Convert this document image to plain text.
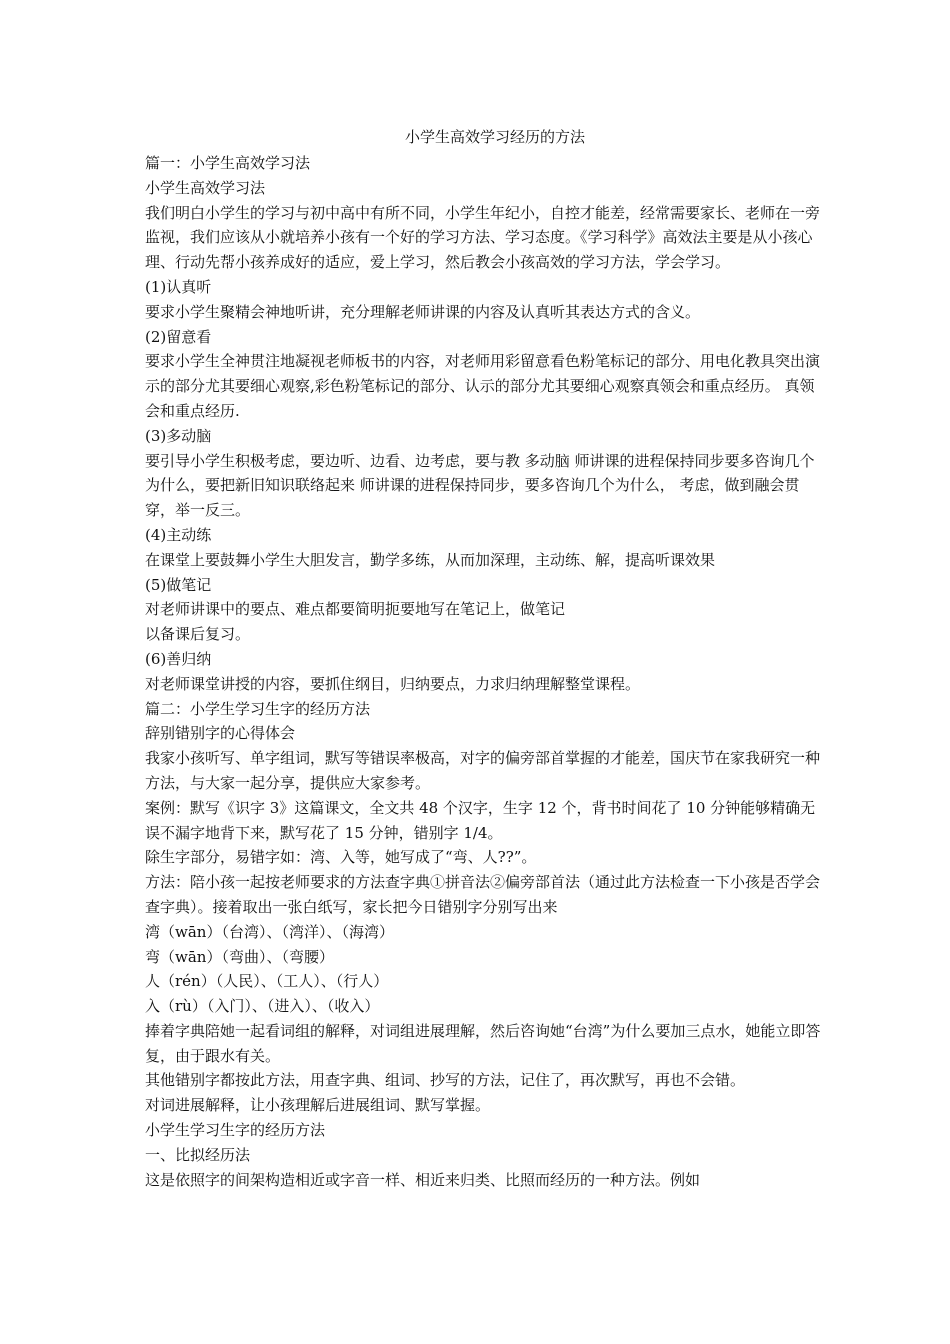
小学生高效学习经历的方法

篇一：小学生高效学习法

小学生高效学习法

我们明白小学生的学习与初中高中有所不同，小学生年纪小，自控才能差，经常需要家长、老师在一旁监视，我们应该从小就培养小孩有一个好的学习方法、学习态度。《学习科学》高效法主要是从小孩心理、行动先帮小孩养成好的适应，爱上学习，然后教会小孩高效的学习方法，学会学习。

(1)认真听

要求小学生聚精会神地听讲，充分理解老师讲课的内容及认真听其表达方式的含义。

(2)留意看

要求小学生全神贯注地凝视老师板书的内容，对老师用彩留意看色粉笔标记的部分、用电化教具突出演示的部分尤其要细心观察,彩色粉笔标记的部分、认示的部分尤其要细心观察真领会和重点经历。 真领会和重点经历.

(3)多动脑

要引导小学生积极考虑，要边听、边看、边考虑，要与教 多动脑 师讲课的进程保持同步要多咨询几个为什么，要把新旧知识联络起来 师讲课的进程保持同步，要多咨询几个为什么， 考虑，做到融会贯穿，举一反三。

(4)主动练

在课堂上要鼓舞小学生大胆发言，勤学多练，从而加深理，主动练、解，提高听课效果

(5)做笔记

对老师讲课中的要点、难点都要简明扼要地写在笔记上，做笔记

以备课后复习。

(6)善归纳

对老师课堂讲授的内容，要抓住纲目，归纳要点，力求归纳理解整堂课程。

篇二：小学生学习生字的经历方法

辞别错别字的心得体会

我家小孩听写、单字组词，默写等错误率极高，对字的偏旁部首掌握的才能差，国庆节在家我研究一种方法，与大家一起分享，提供应大家参考。

案例：默写《识字 3》这篇课文，全文共 48 个汉字，生字 12 个，背书时间花了 10 分钟能够精确无误不漏字地背下来，默写花了 15 分钟，错别字 1/4。

除生字部分，易错字如：湾、入等，她写成了“弯、人??”。

方法：陪小孩一起按老师要求的方法查字典①拼音法②偏旁部首法（通过此方法检查一下小孩是否学会查字典）。接着取出一张白纸写，家长把今日错别字分别写出来

湾（wān）（台湾）、（湾洋）、（海湾）

弯（wān）（弯曲）、（弯腰）

人（rén）（人民）、（工人）、（行人）

入（rù）（入门）、（进入）、（收入）

捧着字典陪她一起看词组的解释，对词组进展理解，然后咨询她“台湾”为什么要加三点水，她能立即答复，由于跟水有关。

其他错别字都按此方法，用查字典、组词、抄写的方法，记住了，再次默写，再也不会错。

对词进展解释，让小孩理解后进展组词、默写掌握。

小学生学习生字的经历方法

一、比拟经历法

这是依照字的间架构造相近或字音一样、相近来归类、比照而经历的一种方法。例如
